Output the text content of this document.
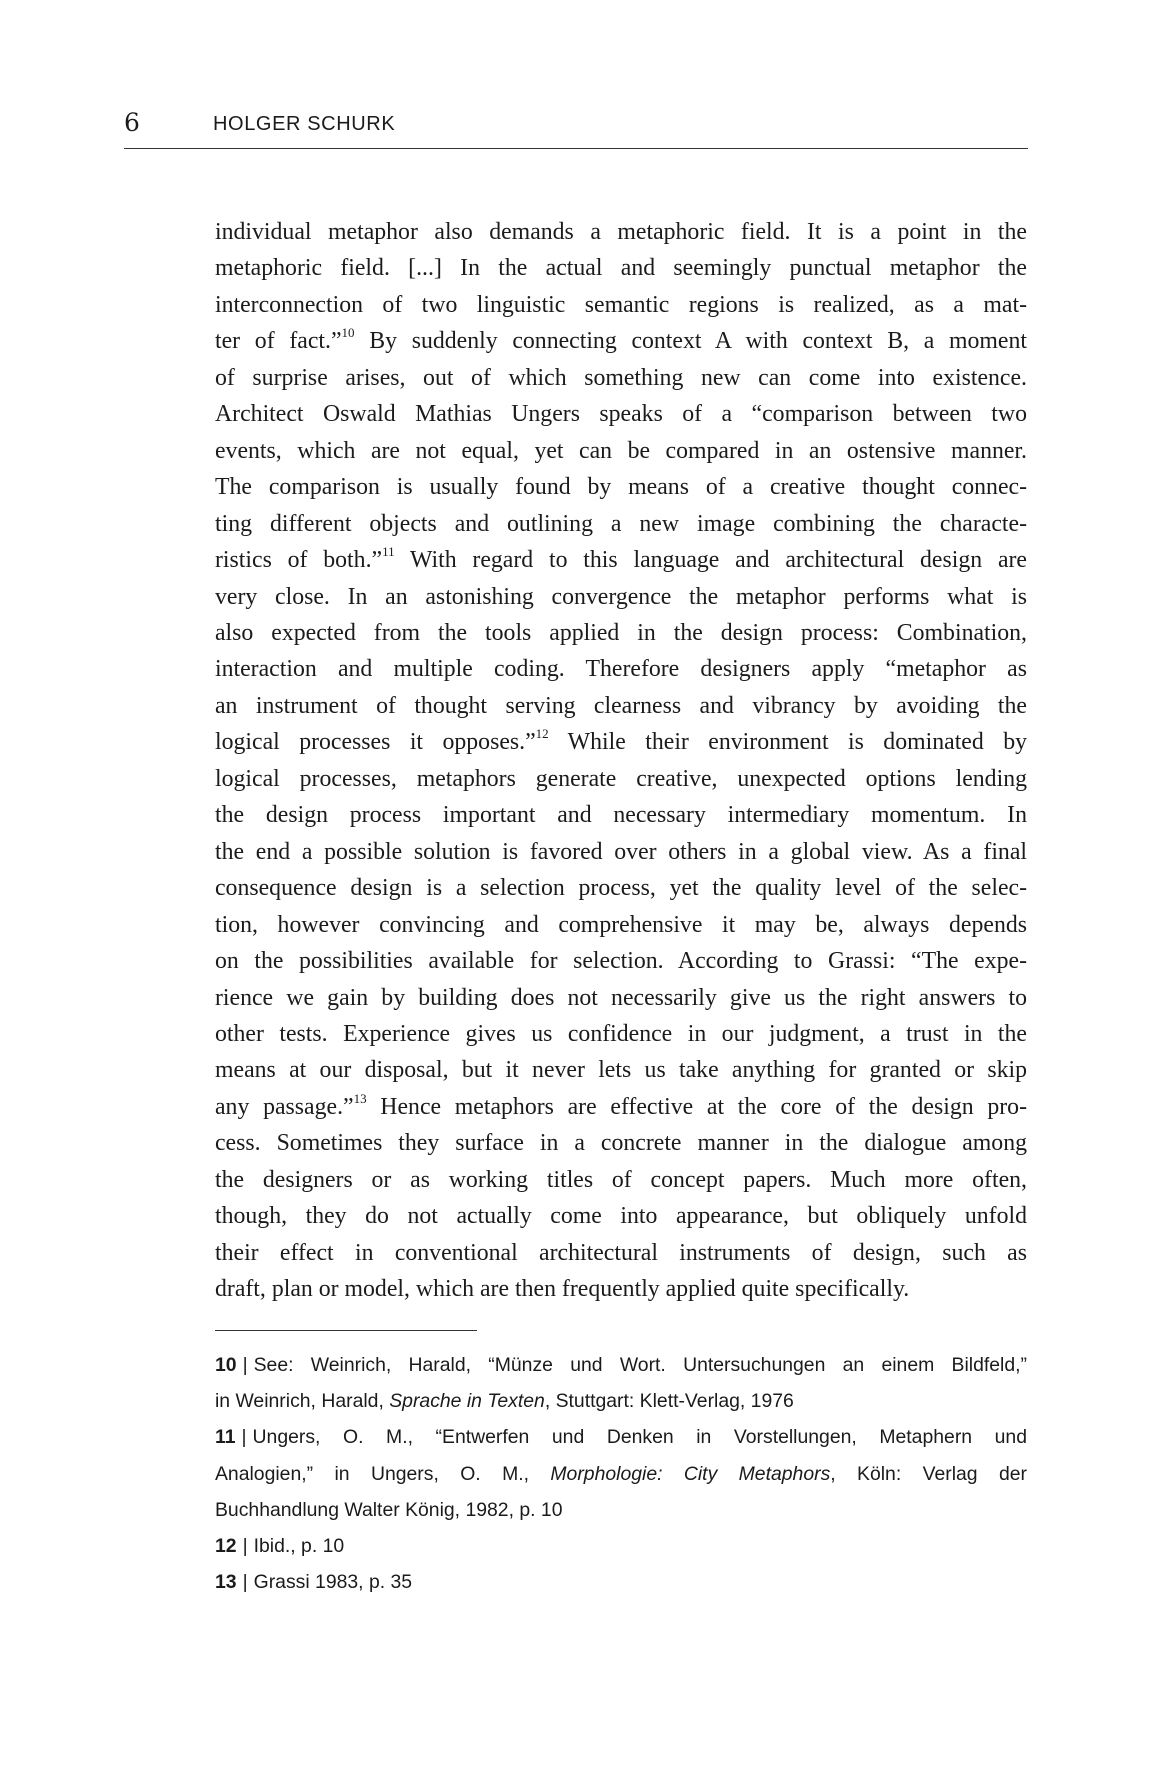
6	HOLGER SCHURK
individual metaphor also demands a metaphoric field. It is a point in the
metaphoric field. [...] In the actual and seemingly punctual metaphor the
interconnection of two linguistic semantic regions is realized, as a mat-
ter of fact.”$^{10}$ By suddenly connecting context A with context B, a moment
of surprise arises, out of which something new can come into existence.
Architect Oswald Mathias Ungers speaks of a “comparison between two
events, which are not equal, yet can be compared in an ostensive manner.
The comparison is usually found by means of a creative thought connec-
ting different objects and outlining a new image combining the characte-
ristics of both.”$^{11}$ With regard to this language and architectural design are
very close. In an astonishing convergence the metaphor performs what is
also expected from the tools applied in the design process: Combination,
interaction and multiple coding. Therefore designers apply “metaphor as
an instrument of thought serving clearness and vibrancy by avoiding the
logical processes it opposes.”$^{12}$ While their environment is dominated by
logical processes, metaphors generate creative, unexpected options lending
the design process important and necessary intermediary momentum. In
the end a possible solution is favored over others in a global view. As a final
consequence design is a selection process, yet the quality level of the selec-
tion, however convincing and comprehensive it may be, always depends
on the possibilities available for selection. According to Grassi: “The expe-
rience we gain by building does not necessarily give us the right answers to
other tests. Experience gives us confidence in our judgment, a trust in the
means at our disposal, but it never lets us take anything for granted or skip
any passage.”$^{13}$ Hence metaphors are effective at the core of the design pro-
cess. Sometimes they surface in a concrete manner in the dialogue among
the designers or as working titles of concept papers. Much more often,
though, they do not actually come into appearance, but obliquely unfold
their effect in conventional architectural instruments of design, such as
draft, plan or model, which are then frequently applied quite specifically.
10 | See: Weinrich, Harald, “Münze und Wort. Untersuchungen an einem Bildfeld,”
in Weinrich, Harald, Sprache in Texten, Stuttgart: Klett-Verlag, 1976
11 | Ungers, O. M., “Entwerfen und Denken in Vorstellungen, Metaphern und
Analogien,” in Ungers, O. M., Morphologie: City Metaphors, Köln: Verlag der
Buchhandlung Walter König, 1982, p. 10
12 | Ibid., p. 10
13 | Grassi 1983, p. 35
